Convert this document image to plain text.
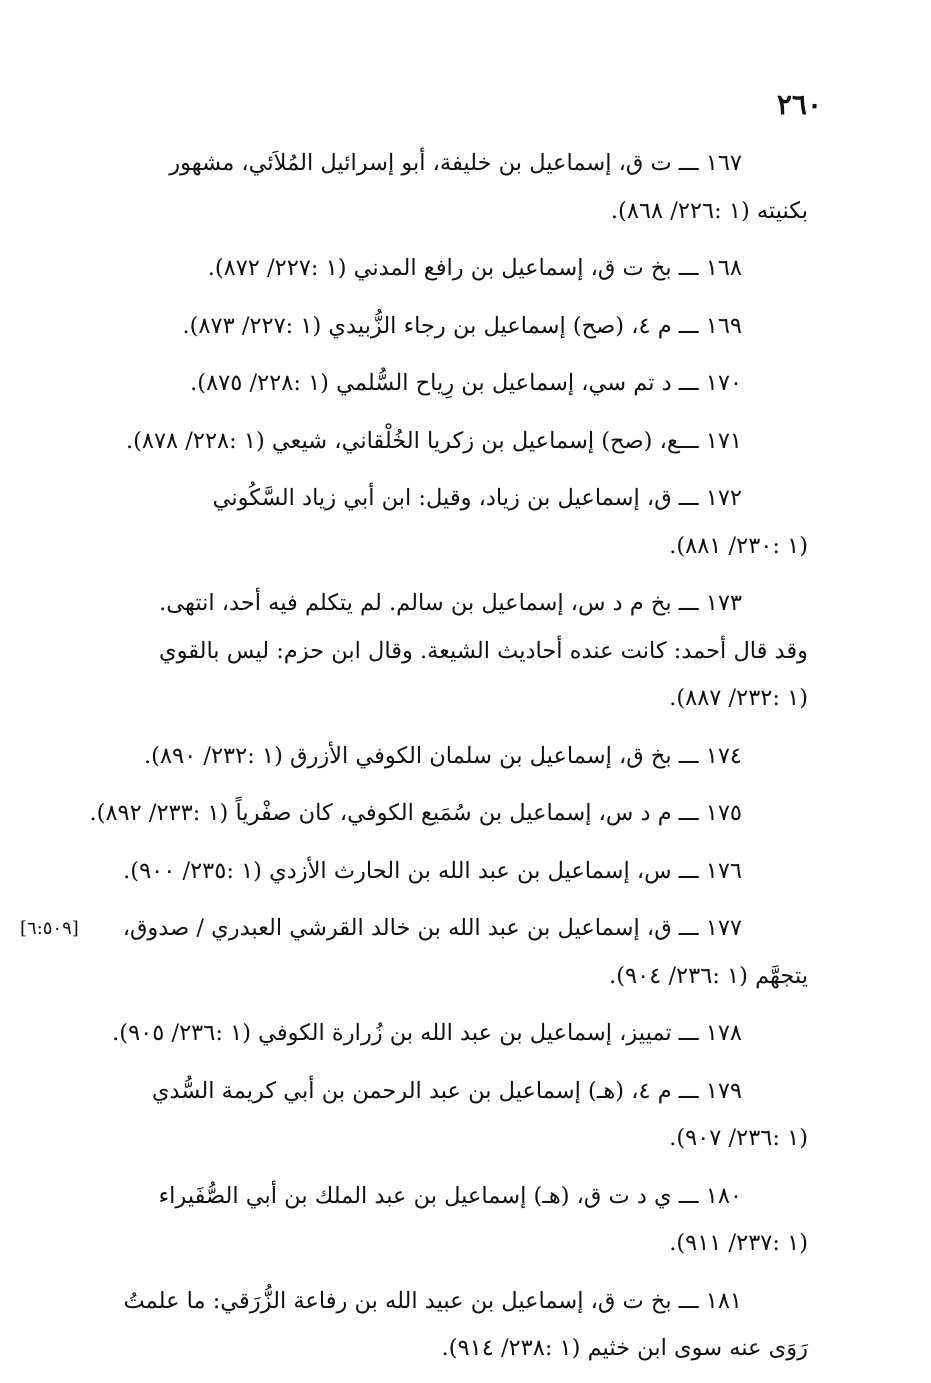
٢٦٠
١٦٧ ـــ ت ق، إسماعيل بن خليفة، أبو إسرائيل المُلاَئي، مشهور
بكنيته (١ :٢٢٦/ ٨٦٨).
١٦٨ ـــ بخ ت ق، إسماعيل بن رافع المدني (١ :٢٢٧/ ٨٧٢).
١٦٩ ـــ م ٤، (صح) إسماعيل بن رجاء الزُّبيدي (١ :٢٢٧/ ٨٧٣).
١٧٠ ـــ د تم سي، إسماعيل بن رِياح السُّلمي (١ :٢٢٨/ ٨٧٥).
١٧١ ـــع، (صح) إسماعيل بن زكريا الخُلْقاني، شيعي (١ :٢٢٨/ ٨٧٨).
١٧٢ ـــ ق، إسماعيل بن زياد، وقيل: ابن أبي زياد السَّكُوني
(١ :٢٣٠/ ٨٨١).
١٧٣ ـــ بخ م د س، إسماعيل بن سالم. لم يتكلم فيه أحد، انتهى.
وقد قال أحمد: كانت عنده أحاديث الشيعة. وقال ابن حزم: ليس بالقوي
(١ :٢٣٢/ ٨٨٧).
١٧٤ ـــ بخ ق، إسماعيل بن سلمان الكوفي الأزرق (١ :٢٣٢/ ٨٩٠).
١٧٥ ـــ م د س، إسماعيل بن سُمَيع الكوفي، كان صفْرياً (١ :٢٣٣/ ٨٩٢).
١٧٦ ـــ س، إسماعيل بن عبد الله بن الحارث الأزدي (١ :٢٣٥/ ٩٠٠).
[٦:٥٠٩]	١٧٧ ـــ ق، إسماعيل بن عبد الله بن خالد القرشي العبدري / صدوق،
يتجهَّم (١ :٢٣٦/ ٩٠٤).
١٧٨ ـــ تمييز، إسماعيل بن عبد الله بن زُرارة الكوفي (١ :٢٣٦/ ٩٠٥).
١٧٩ ـــ م ٤، (هـ) إسماعيل بن عبد الرحمن بن أبي كريمة السُّدي
(١ :٢٣٦/ ٩٠٧).
١٨٠ ـــ ي د ت ق، (هـ) إسماعيل بن عبد الملك بن أبي الصُّفَيراء
(١ :٢٣٧/ ٩١١).
١٨١ ـــ بخ ت ق، إسماعيل بن عبيد الله بن رفاعة الزُّرَقي: ما علمتُ
رَوَى عنه سوى ابن خثيم (١ :٢٣٨/ ٩١٤).
